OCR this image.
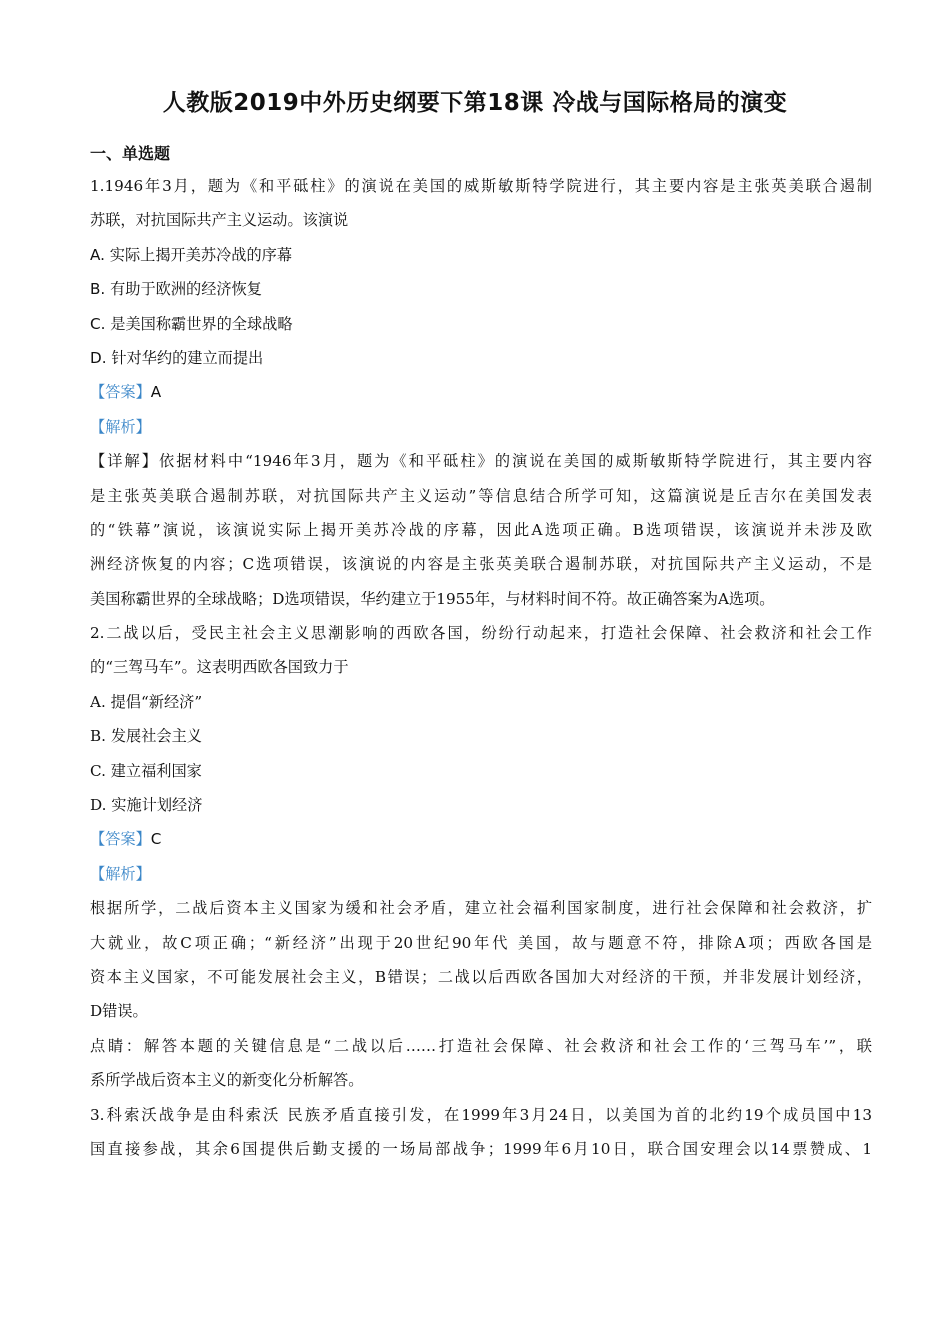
人教版2019中外历史纲要下第18课 冷战与国际格局的演变
一、单选题
1.1946年3月，题为《和平砥柱》的演说在美国的威斯敏斯特学院进行，其主要内容是主张英美联合遏制
苏联，对抗国际共产主义运动。该演说
A. 实际上揭开美苏冷战的序幕
B. 有助于欧洲的经济恢复
C. 是美国称霸世界的全球战略
D. 针对华约的建立而提出
【答案】A
【解析】
【详解】依据材料中“1946年3月，题为《和平砥柱》的演说在美国的威斯敏斯特学院进行，其主要内容
是主张英美联合遏制苏联，对抗国际共产主义运动”等信息结合所学可知，这篇演说是丘吉尔在美国发表
的“铁幕”演说，该演说实际上揭开美苏冷战的序幕，因此A选项正确。B选项错误，该演说并未涉及欧
洲经济恢复的内容；C选项错误，该演说的内容是主张英美联合遏制苏联，对抗国际共产主义运动，不是
美国称霸世界的全球战略；D选项错误，华约建立于1955年，与材料时间不符。故正确答案为A选项。
2.二战以后，受民主社会主义思潮影响的西欧各国，纷纷行动起来，打造社会保障、社会救济和社会工作
的“三驾马车”。这表明西欧各国致力于
A. 提倡“新经济”
B. 发展社会主义
C. 建立福利国家
D. 实施计划经济
【答案】C
【解析】
根据所学，二战后资本主义国家为缓和社会矛盾，建立社会福利国家制度，进行社会保障和社会救济，扩
大就业，故C项正确；“新经济”出现于20世纪90年代 美国，故与题意不符，排除A项；西欧各国是
资本主义国家，不可能发展社会主义，B错误；二战以后西欧各国加大对经济的干预，并非发展计划经济，
D错误。
点睛：解答本题的关键信息是“二战以后……打造社会保障、社会救济和社会工作的‘三驾马车’”，联
系所学战后资本主义的新变化分析解答。
3.科索沃战争是由科索沃 民族矛盾直接引发，在1999年3月24日，以美国为首的北约19个成员国中13
国直接参战，其余6国提供后勤支援的一场局部战争；1999年6月10日，联合国安理会以14票赞成、1
